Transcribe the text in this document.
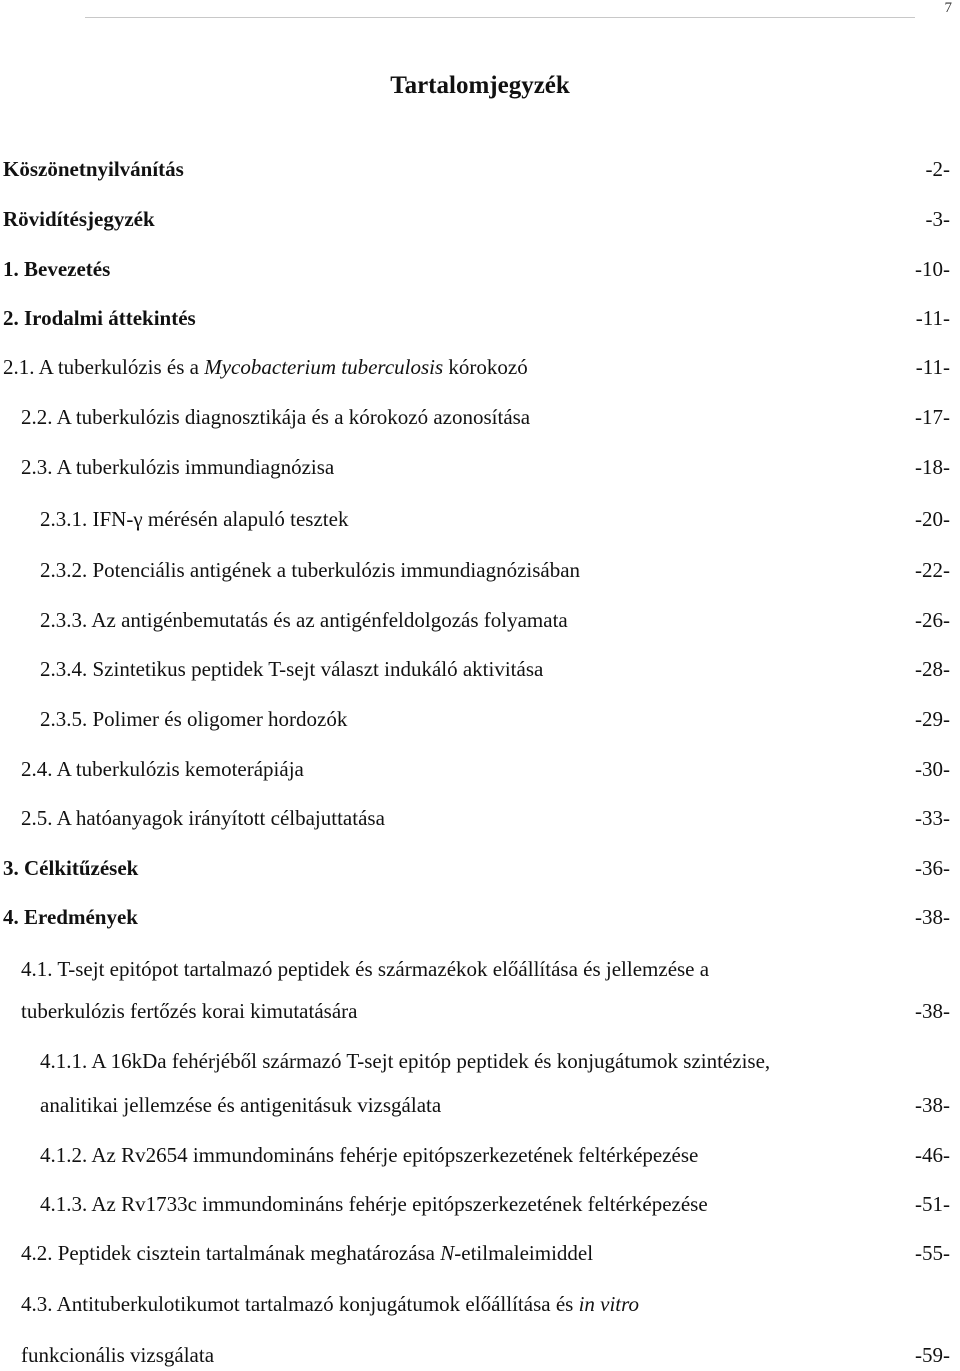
7
Tartalomjegyzék
Köszönetnyilvánítás	-2-
Rövidítésjegyzék	-3-
1. Bevezetés	-10-
2. Irodalmi áttekintés	-11-
2.1. A tuberkulózis és a Mycobacterium tuberculosis kórokozó	-11-
2.2. A tuberkulózis diagnosztikája és a kórokozó azonosítása	-17-
2.3. A tuberkulózis immundiagnózisa	-18-
2.3.1. IFN-γ mérésén alapuló tesztek	-20-
2.3.2. Potenciális antigének a tuberkulózis immundiagnózisában	-22-
2.3.3. Az antigénbemutatás és az antigénfeldolgozás folyamata	-26-
2.3.4. Szintetikus peptidek T-sejt választ indukáló aktivitása	-28-
2.3.5. Polimer és oligomer hordozók	-29-
2.4. A tuberkulózis kemoterápiája	-30-
2.5. A hatóanyagok irányított célbajuttatása	-33-
3. Célkitűzések	-36-
4. Eredmények	-38-
4.1. T-sejt epitópot tartalmazó peptidek és származékok előállítása és jellemzése a
tuberkulózis fertőzés korai kimutatására	-38-
4.1.1. A 16kDa fehérjéből származó T-sejt epitóp peptidek és konjugátumok szintézise,
analitikai jellemzése és antigenitásuk vizsgálata	-38-
4.1.2. Az Rv2654 immundomináns fehérje epitópszerkezetének feltérképezése	-46-
4.1.3. Az Rv1733c immundomináns fehérje epitópszerkezetének feltérképezése	-51-
4.2. Peptidek cisztein tartalmának meghatározása N-etilmaleimiddel	-55-
4.3. Antituberkulotikumot tartalmazó konjugátumok előállítása és in vitro
funkcionális vizsgálata	-59-
